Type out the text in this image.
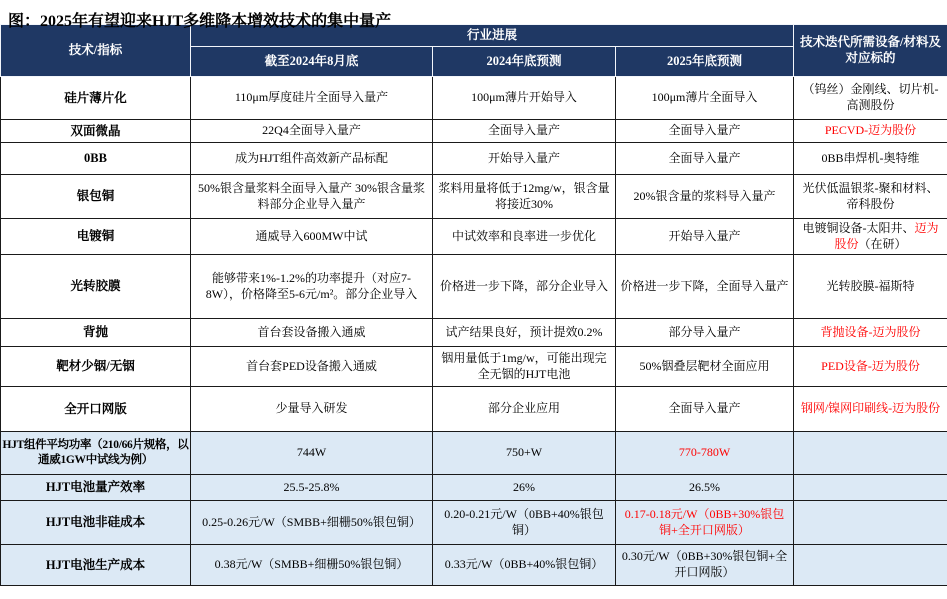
图：2025年有望迎来HJT多维降本增效技术的集中量产
技术/指标	行业进展			技术迭代所需设备/材料及对应标的
	截至2024年8月底	2024年底预测	2025年底预测	
硅片薄片化	110μm厚度硅片全面导入量产	100μm薄片开始导入	100μm薄片全面导入	（钨丝）金刚线、切片机-高测股份
双面微晶	22Q4全面导入量产	全面导入量产	全面导入量产	PECVD-迈为股份
0BB	成为HJT组件高效新产品标配	开始导入量产	全面导入量产	0BB串焊机-奥特维
银包铜	50%银含量浆料全面导入量产 30%银含量浆料部分企业导入量产	浆料用量将低于12mg/w，银含量将接近30%	20%银含量的浆料导入量产	光伏低温银浆-聚和材料、帝科股份
电镀铜	通威导入600MW中试	中试效率和良率进一步优化	开始导入量产	电镀铜设备-太阳井、迈为股份（在研）
光转胶膜	能够带来1%-1.2%的功率提升（对应7-8W），价格降至5-6元/m²。部分企业导入	价格进一步下降，部分企业导入	价格进一步下降，全面导入量产	光转胶膜-福斯特
背抛	首台套设备搬入通威	试产结果良好，预计提效0.2%	部分导入量产	背抛设备-迈为股份
靶材少铟/无铟	首台套PED设备搬入通威	铟用量低于1mg/w，可能出现完全无铟的HJT电池	50%铟叠层靶材全面应用	PED设备-迈为股份
全开口网版	少量导入研发	部分企业应用	全面导入量产	钢网/镍网印刷线-迈为股份
HJT组件平均功率（210/66片规格，以通威1GW中试线为例）	744W	750+W	770-780W	
HJT电池量产效率	25.5-25.8%	26%	26.5%	
HJT电池非硅成本	0.25-0.26元/W（SMBB+细栅50%银包铜）	0.20-0.21元/W（0BB+40%银包铜）	0.17-0.18元/W（0BB+30%银包铜+全开口网版）	
HJT电池生产成本	0.38元/W（SMBB+细栅50%银包铜）	0.33元/W（0BB+40%银包铜）	0.30元/W（0BB+30%银包铜+全开口网版）	
